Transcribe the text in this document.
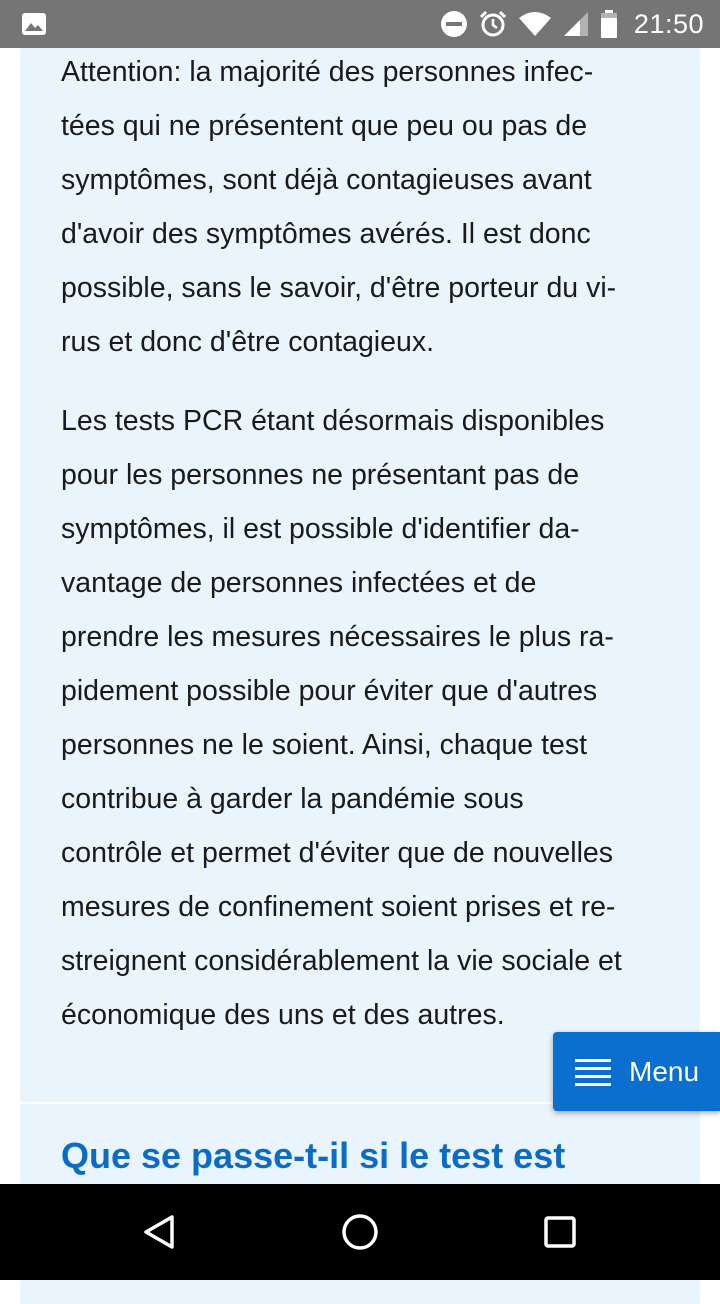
21:50

Attention: la majorité des personnes infec-
tées qui ne présentent que peu ou pas de
symptômes, sont déjà contagieuses avant
d'avoir des symptômes avérés. Il est donc
possible, sans le savoir, d'être porteur du vi-
rus et donc d'être contagieux.

Les tests PCR étant désormais disponibles
pour les personnes ne présentant pas de
symptômes, il est possible d'identifier da-
vantage de personnes infectées et de
prendre les mesures nécessaires le plus ra-
pidement possible pour éviter que d'autres
personnes ne le soient. Ainsi, chaque test
contribue à garder la pandémie sous
contrôle et permet d'éviter que de nouvelles
mesures de confinement soient prises et re-
streignent considérablement la vie sociale et
économique des uns et des autres.

Que se passe-t-il si le test est
Menu
